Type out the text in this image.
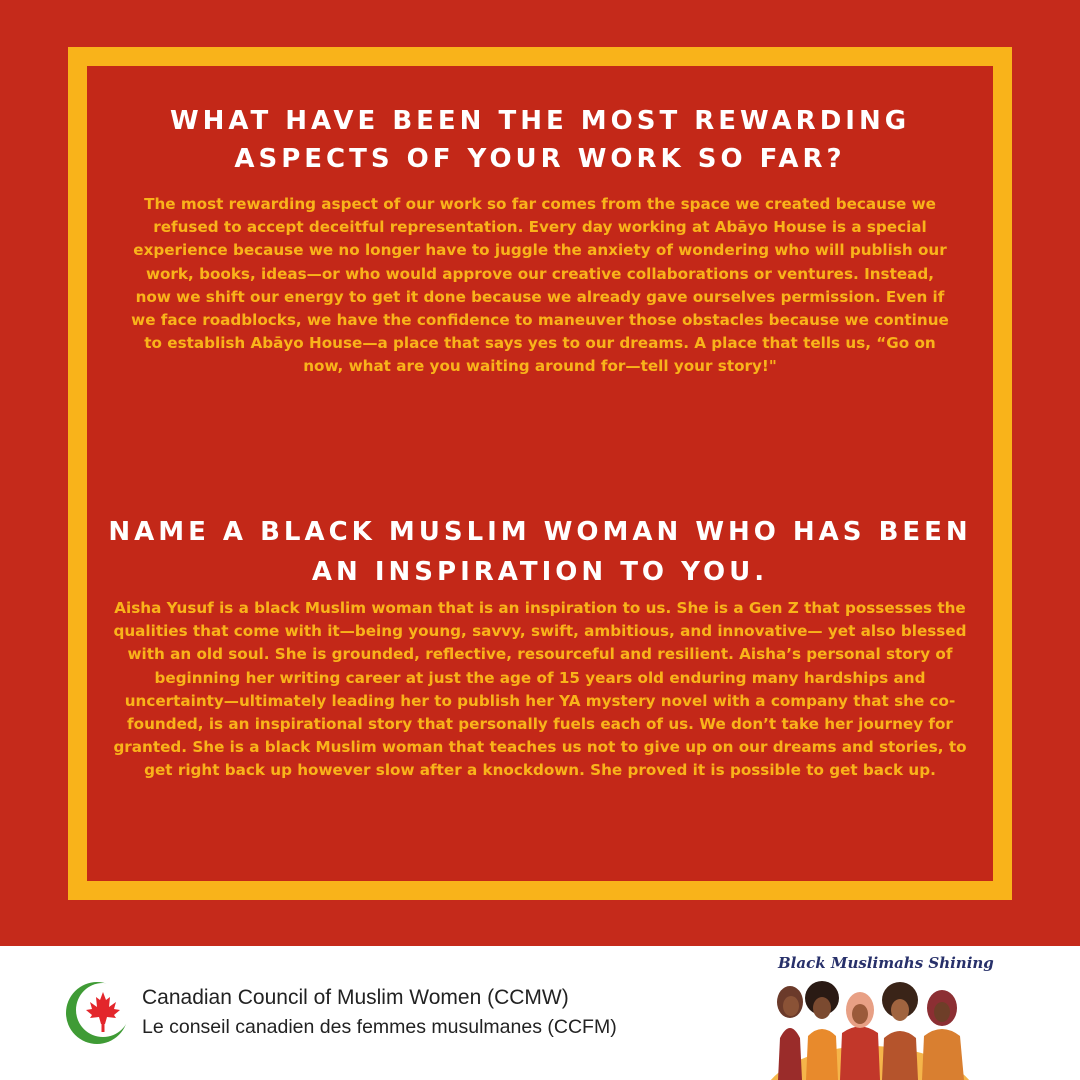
WHAT HAVE BEEN THE MOST REWARDING ASPECTS OF YOUR WORK SO FAR?

The most rewarding aspect of our work so far comes from the space we created because we refused to accept deceitful representation. Every day working at Abāyo House is a special experience because we no longer have to juggle the anxiety of wondering who will publish our work, books, ideas—or who would approve our creative collaborations or ventures. Instead, now we shift our energy to get it done because we already gave ourselves permission. Even if we face roadblocks, we have the confidence to maneuver those obstacles because we continue to establish Abāyo House—a place that says yes to our dreams. A place that tells us, “Go on now, what are you waiting around for—tell your story!"

NAME A BLACK MUSLIM WOMAN WHO HAS BEEN AN INSPIRATION TO YOU.

Aisha Yusuf is a black Muslim woman that is an inspiration to us. She is a Gen Z that possesses the qualities that come with it—being young, savvy, swift, ambitious, and innovative— yet also blessed with an old soul. She is grounded, reflective, resourceful and resilient. Aisha’s personal story of beginning her writing career at just the age of 15 years old enduring many hardships and uncertainty—ultimately leading her to publish her YA mystery novel with a company that she co-founded, is an inspirational story that personally fuels each of us. We don’t take her journey for granted. She is a black Muslim woman that teaches us not to give up on our dreams and stories, to get right back up however slow after a knockdown. She proved it is possible to get back up.

Canadian Council of Muslim Women (CCMW)

Le conseil canadien des femmes musulmanes (CCFM)

Black Muslimahs Shining
